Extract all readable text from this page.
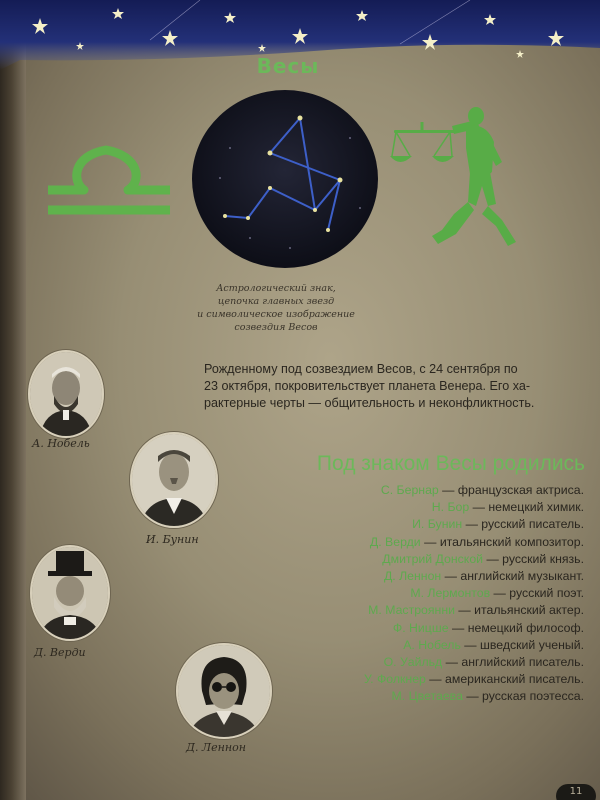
Весы
Астрологический знак,
цепочка главных звезд
и символическое изображение
созвездия Весов
Рожденному под созвездием Весов, с 24 сентября по
23 октября, покровительствует планета Венера. Его ха-
рактерные черты — общительность и неконфликтность.
А. Нобель
И. Бунин
Д. Верди
Д. Леннон
Под знаком Весы родились
С. Бернар — французская актриса.
Н. Бор — немецкий химик.
И. Бунин — русский писатель.
Д. Верди — итальянский композитор.
Дмитрий Донской — русский князь.
Д. Леннон — английский музыкант.
М. Лермонтов — русский поэт.
М. Мастроянни — итальянский актер.
Ф. Ницше — немецкий философ.
А. Нобель — шведский ученый.
О. Уайльд — английский писатель.
У. Фолкнер — американский писатель.
М. Цветаева — русская поэтесса.
11
